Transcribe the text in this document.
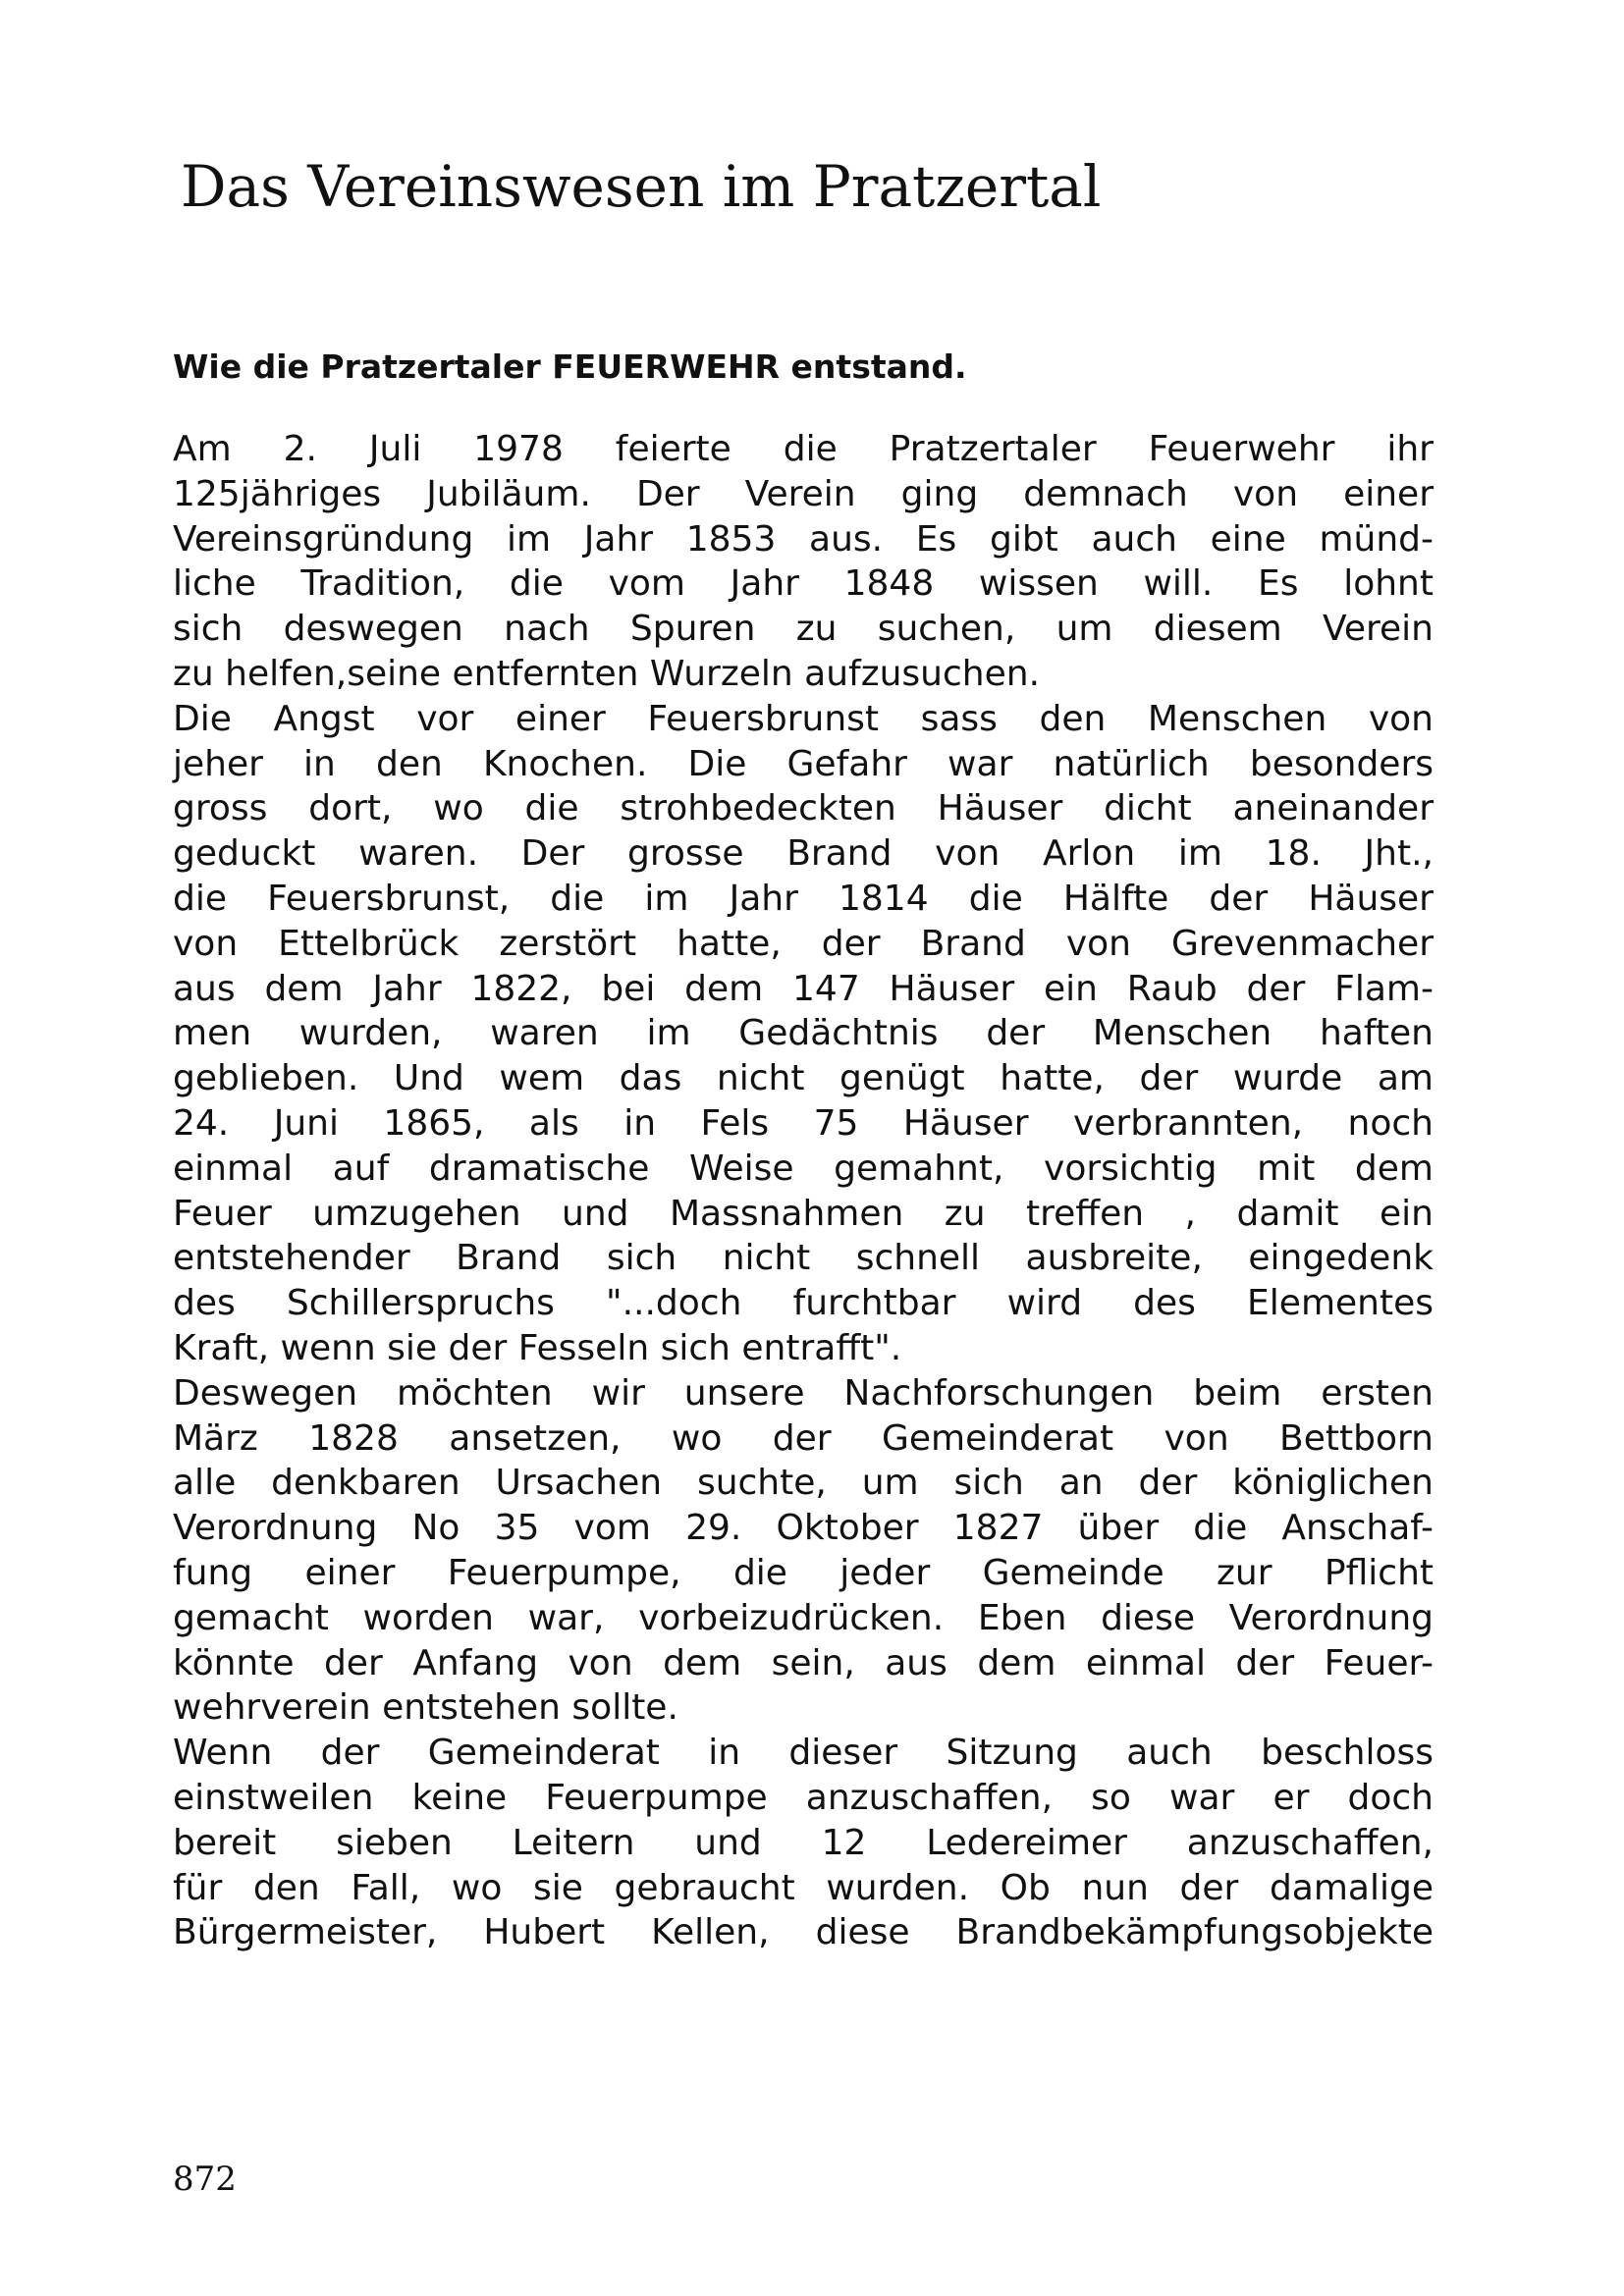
Das Vereinswesen im Pratzertal
Wie die Pratzertaler FEUERWEHR entstand.
Am 2. Juli 1978 feierte die Pratzertaler Feuerwehr ihr
125jähriges Jubiläum. Der Verein ging demnach von einer
Vereinsgründung im Jahr 1853 aus. Es gibt auch eine münd-
liche Tradition, die vom Jahr 1848 wissen will. Es lohnt
sich deswegen nach Spuren zu suchen, um diesem Verein
zu helfen,seine entfernten Wurzeln aufzusuchen.
Die Angst vor einer Feuersbrunst sass den Menschen von
jeher in den Knochen. Die Gefahr war natürlich besonders
gross dort, wo die strohbedeckten Häuser dicht aneinander
geduckt waren. Der grosse Brand von Arlon im 18. Jht.,
die Feuersbrunst, die im Jahr 1814 die Hälfte der Häuser
von Ettelbrück zerstört hatte, der Brand von Grevenmacher
aus dem Jahr 1822, bei dem 147 Häuser ein Raub der Flam-
men wurden, waren im Gedächtnis der Menschen haften
geblieben. Und wem das nicht genügt hatte, der wurde am
24. Juni 1865, als in Fels 75 Häuser verbrannten, noch
einmal auf dramatische Weise gemahnt, vorsichtig mit dem
Feuer umzugehen und Massnahmen zu treffen , damit ein
entstehender Brand sich nicht schnell ausbreite, eingedenk
des Schillerspruchs "...doch furchtbar wird des Elementes
Kraft, wenn sie der Fesseln sich entrafft".
Deswegen möchten wir unsere Nachforschungen beim ersten
März 1828 ansetzen, wo der Gemeinderat von Bettborn
alle denkbaren Ursachen suchte, um sich an der königlichen
Verordnung No 35 vom 29. Oktober 1827 über die Anschaf-
fung einer Feuerpumpe, die jeder Gemeinde zur Pflicht
gemacht worden war, vorbeizudrücken. Eben diese Verordnung
könnte der Anfang von dem sein, aus dem einmal der Feuer-
wehrverein entstehen sollte.
Wenn der Gemeinderat in dieser Sitzung auch beschloss
einstweilen keine Feuerpumpe anzuschaffen, so war er doch
bereit sieben Leitern und 12 Ledereimer anzuschaffen,
für den Fall, wo sie gebraucht wurden. Ob nun der damalige
Bürgermeister, Hubert Kellen, diese Brandbekämpfungsobjekte
872
